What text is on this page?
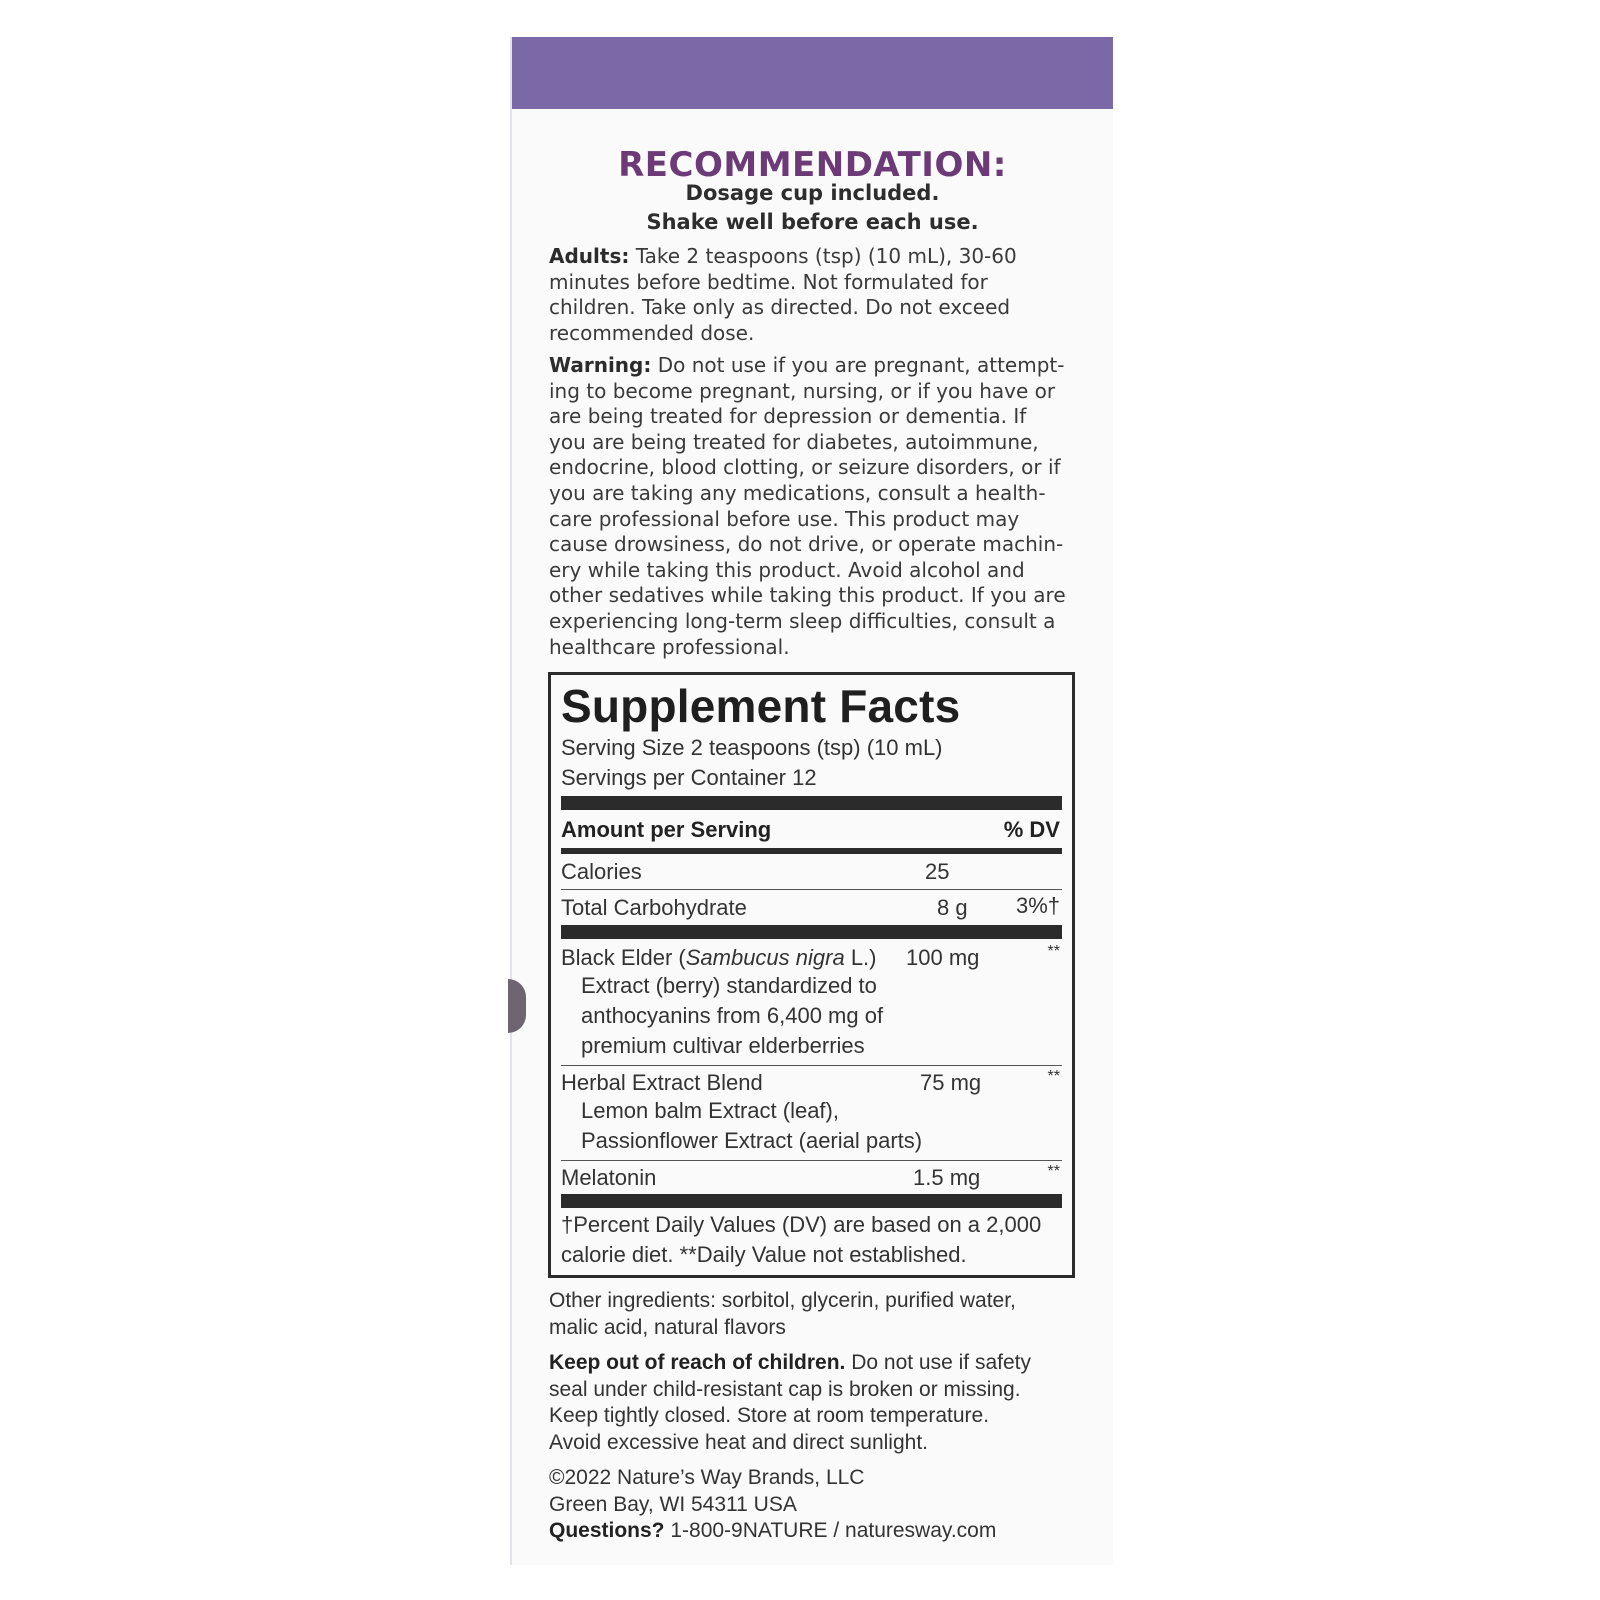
RECOMMENDATION:
Dosage cup included.
Shake well before each use.
Adults: Take 2 teaspoons (tsp) (10 mL), 30-60
minutes before bedtime. Not formulated for
children. Take only as directed. Do not exceed
recommended dose.
Warning: Do not use if you are pregnant, attempt-
ing to become pregnant, nursing, or if you have or
are being treated for depression or dementia. If
you are being treated for diabetes, autoimmune,
endocrine, blood clotting, or seizure disorders, or if
you are taking any medications, consult a health-
care professional before use. This product may
cause drowsiness, do not drive, or operate machin-
ery while taking this product. Avoid alcohol and
other sedatives while taking this product. If you are
experiencing long-term sleep difficulties, consult a
healthcare professional.
Supplement Facts
Serving Size 2 teaspoons (tsp) (10 mL)
Servings per Container 12
Amount per Serving	% DV
Calories	25
Total Carbohydrate	8 g 3%†
Black Elder (Sambucus nigra L.) 100 mg	**
Extract (berry) standardized to
anthocyanins from 6,400 mg of
premium cultivar elderberries
Herbal Extract Blend	75 mg	**
Lemon balm Extract (leaf),
Passionflower Extract (aerial parts)
Melatonin	1.5 mg	**
†Percent Daily Values (DV) are based on a 2,000
calorie diet. **Daily Value not established.
Other ingredients: sorbitol, glycerin, purified water,
malic acid, natural flavors
Keep out of reach of children. Do not use if safety
seal under child-resistant cap is broken or missing.
Keep tightly closed. Store at room temperature.
Avoid excessive heat and direct sunlight.
©2022 Nature’s Way Brands, LLC
Green Bay, WI 54311 USA
Questions? 1-800-9NATURE / naturesway.com
